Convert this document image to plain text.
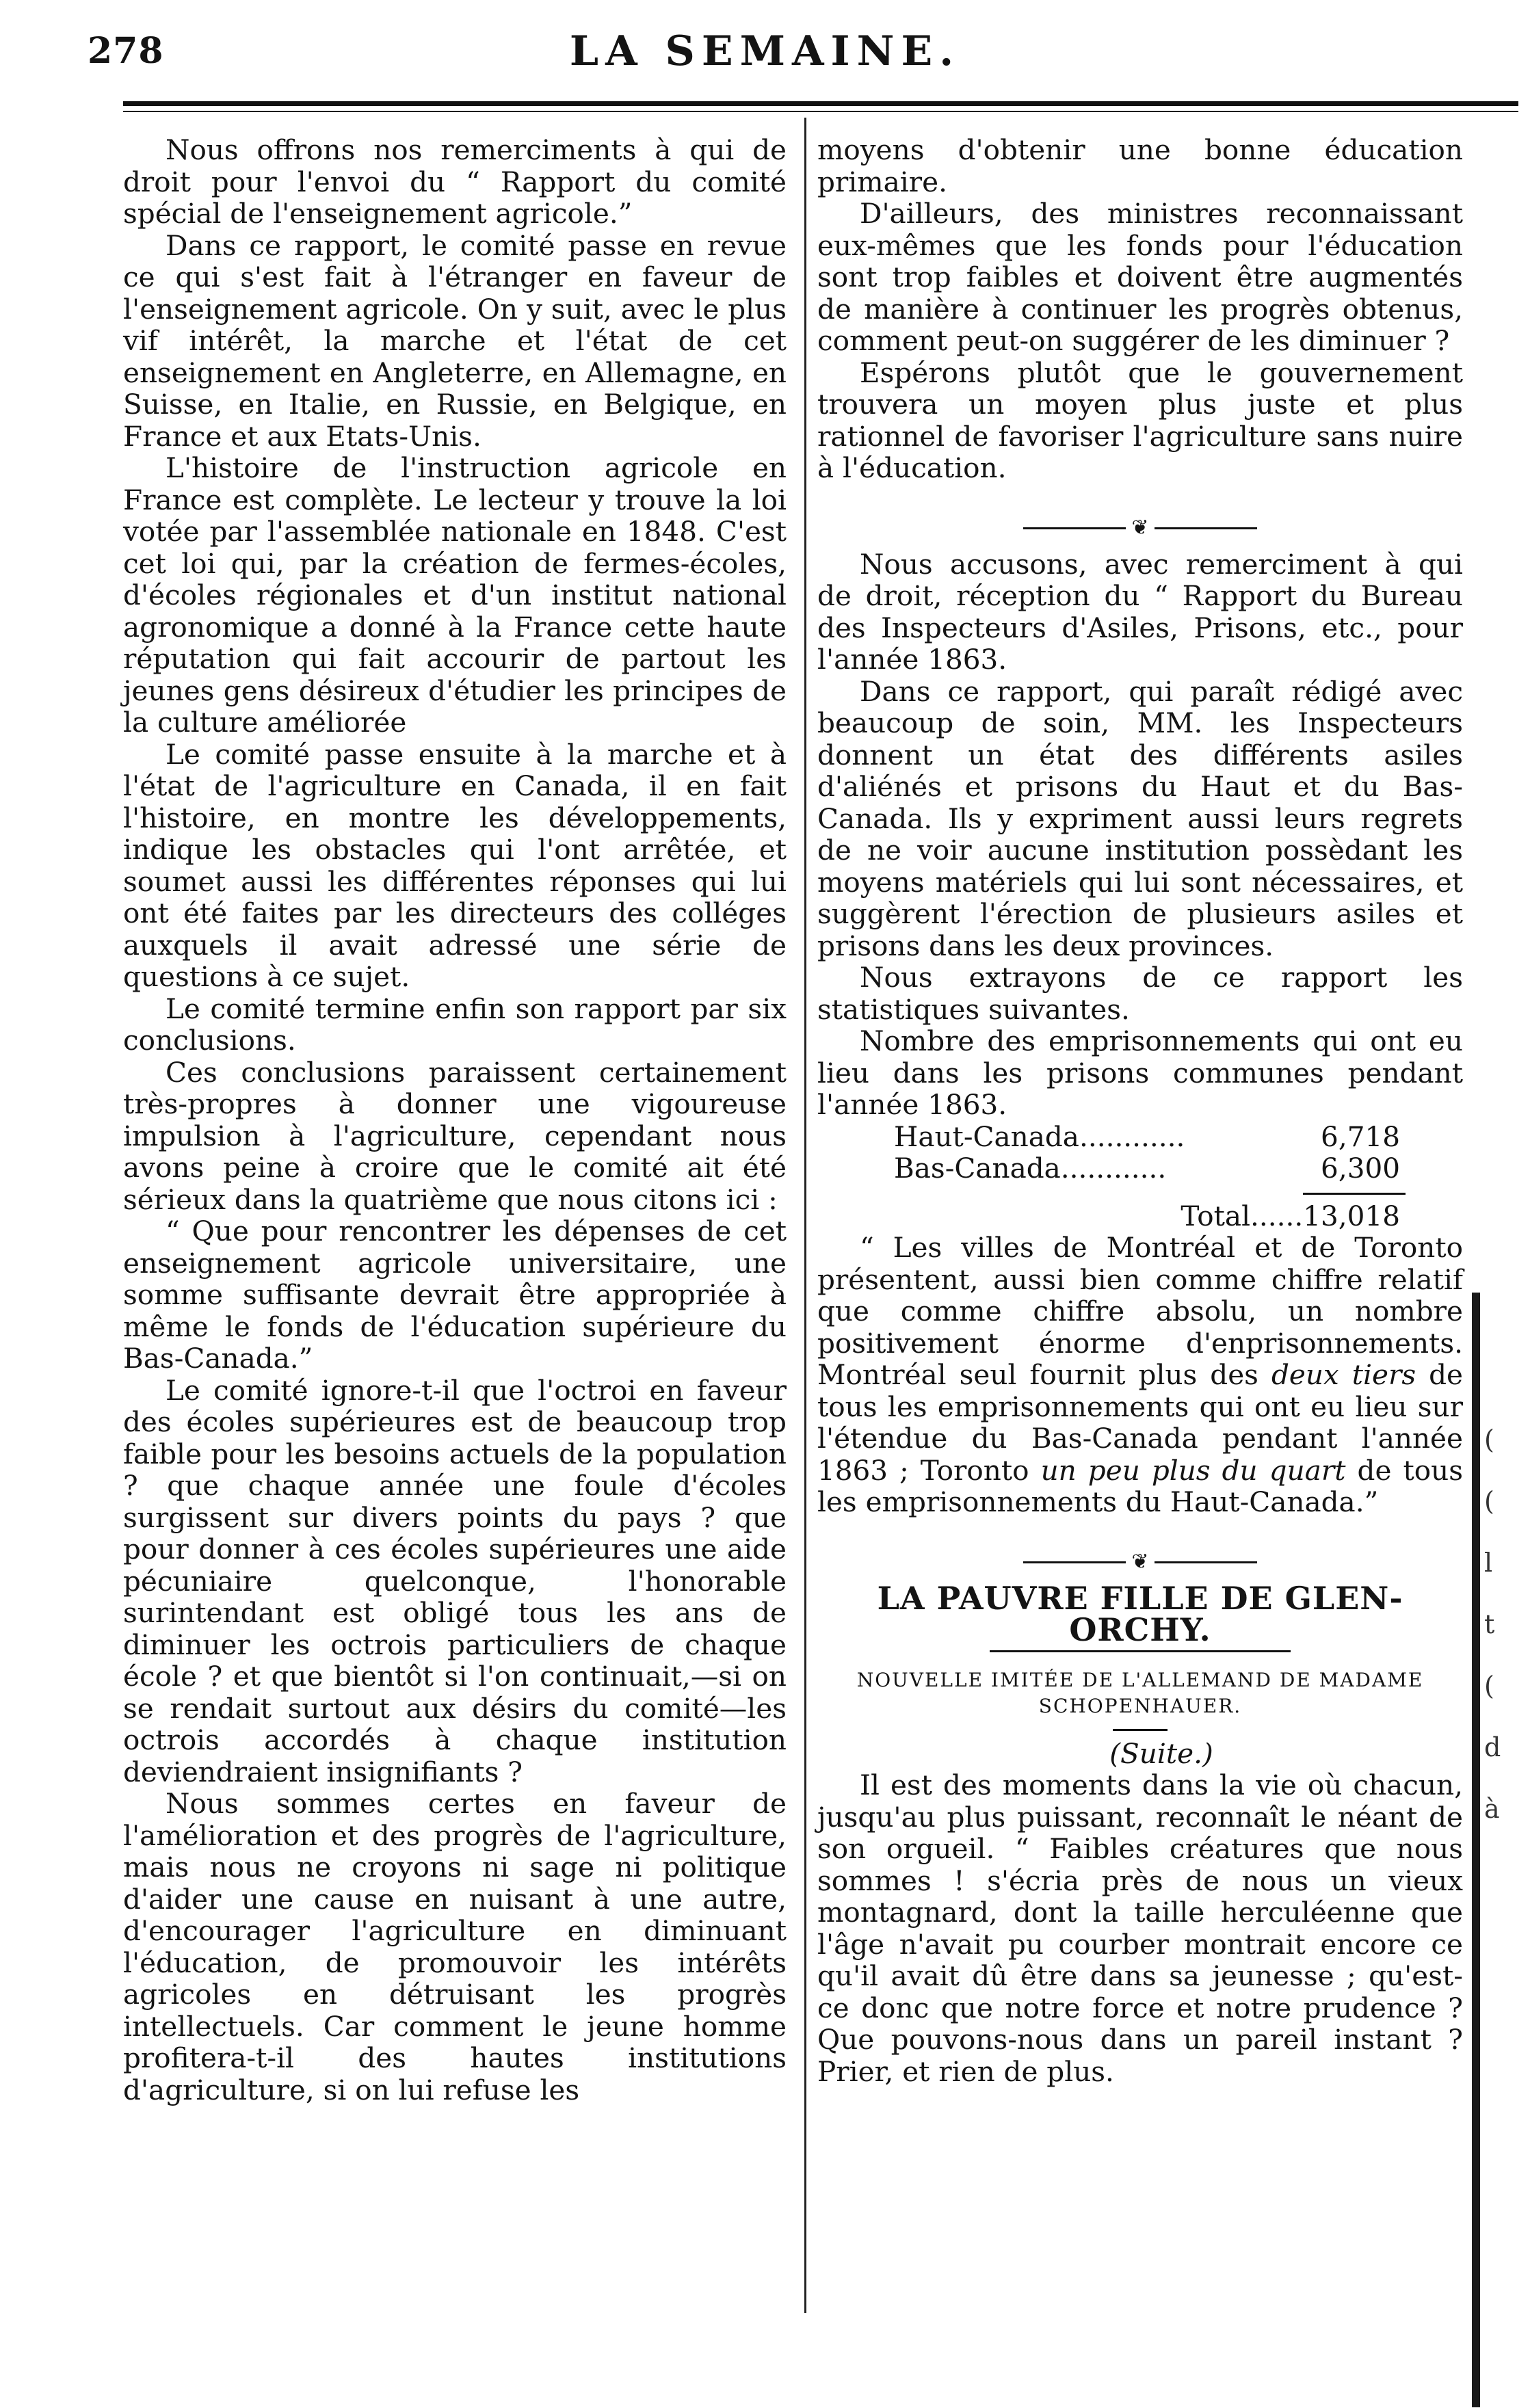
278	LA SEMAINE.
(
(
l
t
(
d
à

Nous offrons nos remerciments à qui de droit pour l'envoi du “ Rapport du comité spécial de l'enseignement agricole.”

Dans ce rapport, le comité passe en revue ce qui s'est fait à l'étranger en faveur de l'enseignement agricole. On y suit, avec le plus vif intérêt, la marche et l'état de cet enseignement en Angleterre, en Allemagne, en Suisse, en Italie, en Russie, en Belgique, en France et aux Etats-Unis.

L'histoire de l'instruction agricole en France est complète. Le lecteur y trouve la loi votée par l'assemblée nationale en 1848. C'est cet loi qui, par la création de fermes-écoles, d'écoles régionales et d'un institut national agronomique a donné à la France cette haute réputation qui fait accourir de partout les jeunes gens désireux d'étudier les principes de la culture améliorée

Le comité passe ensuite à la marche et à l'état de l'agriculture en Canada, il en fait l'histoire, en montre les développements, indique les obstacles qui l'ont arrêtée, et soumet aussi les différentes réponses qui lui ont été faites par les directeurs des colléges auxquels il avait adressé une série de questions à ce sujet.

Le comité termine enfin son rapport par six conclusions.

Ces conclusions paraissent certainement très-propres à donner une vigoureuse impulsion à l'agriculture, cependant nous avons peine à croire que le comité ait été sérieux dans la quatrième que nous citons ici :

“ Que pour rencontrer les dépenses de cet enseignement agricole universitaire, une somme suffisante devrait être appropriée à même le fonds de l'éducation supérieure du Bas-Canada.”

Le comité ignore-t-il que l'octroi en faveur des écoles supérieures est de beaucoup trop faible pour les besoins actuels de la population ? que chaque année une foule d'écoles surgissent sur divers points du pays ? que pour donner à ces écoles supérieures une aide pécuniaire quelconque, l'honorable surintendant est obligé tous les ans de diminuer les octrois particuliers de chaque école ? et que bientôt si l'on continuait,—si on se rendait surtout aux désirs du comité—les octrois accordés à chaque institution deviendraient insignifiants ?

Nous sommes certes en faveur de l'amélioration et des progrès de l'agriculture, mais nous ne croyons ni sage ni politique d'aider une cause en nuisant à une autre, d'encourager l'agriculture en diminuant l'éducation, de promouvoir les intérêts agricoles en détruisant les progrès intellectuels. Car comment le jeune homme profitera-t-il des hautes institutions d'agriculture, si on lui refuse les

moyens d'obtenir une bonne éducation primaire.

D'ailleurs, des ministres reconnaissant eux-mêmes que les fonds pour l'éducation sont trop faibles et doivent être augmentés de manière à continuer les progrès obtenus, comment peut-on suggérer de les diminuer ?

Espérons plutôt que le gouvernement trouvera un moyen plus juste et plus rationnel de favoriser l'agriculture sans nuire à l'éducation.

❦

Nous accusons, avec remerciment à qui de droit, réception du “ Rapport du Bureau des Inspecteurs d'Asiles, Prisons, etc., pour l'année 1863.

Dans ce rapport, qui paraît rédigé avec beaucoup de soin, MM. les Inspecteurs donnent un état des différents asiles d'aliénés et prisons du Haut et du Bas-Canada. Ils y expriment aussi leurs regrets de ne voir aucune institution possèdant les moyens matériels qui lui sont nécessaires, et suggèrent l'érection de plusieurs asiles et prisons dans les deux provinces.

Nous extrayons de ce rapport les statistiques suivantes.

Nombre des emprisonnements qui ont eu lieu dans les prisons communes pendant l'année 1863.

Haut-Canada............	6,718
Bas-Canada............	6,300
Total......13,018

“ Les villes de Montréal et de Toronto présentent, aussi bien comme chiffre relatif que comme chiffre absolu, un nombre positivement énorme d'enprisonnements. Montréal seul fournit plus des deux tiers de tous les emprisonnements qui ont eu lieu sur l'étendue du Bas-Canada pendant l'année 1863 ; Toronto un peu plus du quart de tous les emprisonnements du Haut-Canada.”

❦
LA PAUVRE FILLE DE GLEN-ORCHY.
NOUVELLE IMITÉE DE L'ALLEMAND DE MADAME SCHOPENHAUER.

(Suite.)

Il est des moments dans la vie où chacun, jusqu'au plus puissant, reconnaît le néant de son orgueil. “ Faibles créatures que nous sommes ! s'écria près de nous un vieux montagnard, dont la taille herculéenne que l'âge n'avait pu courber montrait encore ce qu'il avait dû être dans sa jeunesse ; qu'est-ce donc que notre force et notre prudence ? Que pouvons-nous dans un pareil instant ? Prier, et rien de plus.
